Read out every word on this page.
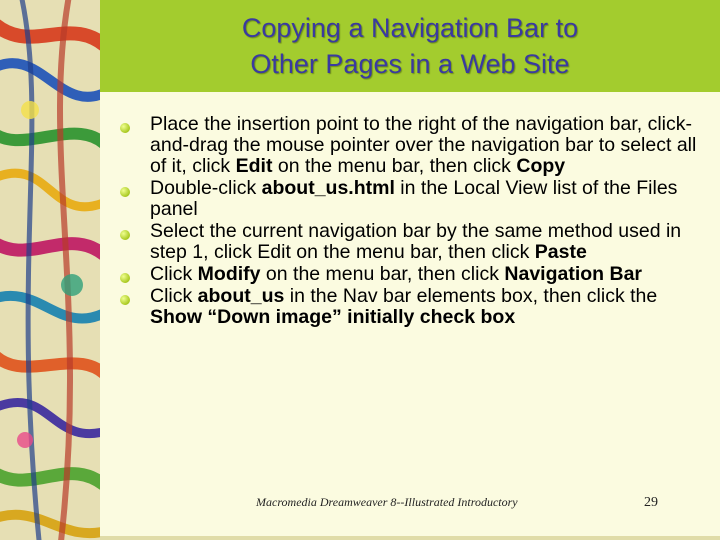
Copying a Navigation Bar to
Other Pages in a Web Site
Place the insertion point to the right of the navigation bar, click-and-drag the mouse pointer over the navigation bar to select all of it, click Edit on the menu bar, then click Copy
Double-click about_us.html in the Local View list of the Files panel
Select the current navigation bar by the same method used in step 1, click Edit on the menu bar, then click Paste
Click Modify on the menu bar, then click Navigation Bar
Click about_us in the Nav bar elements box, then click the Show “Down image” initially check box
Macromedia Dreamweaver 8--Illustrated Introductory	29
